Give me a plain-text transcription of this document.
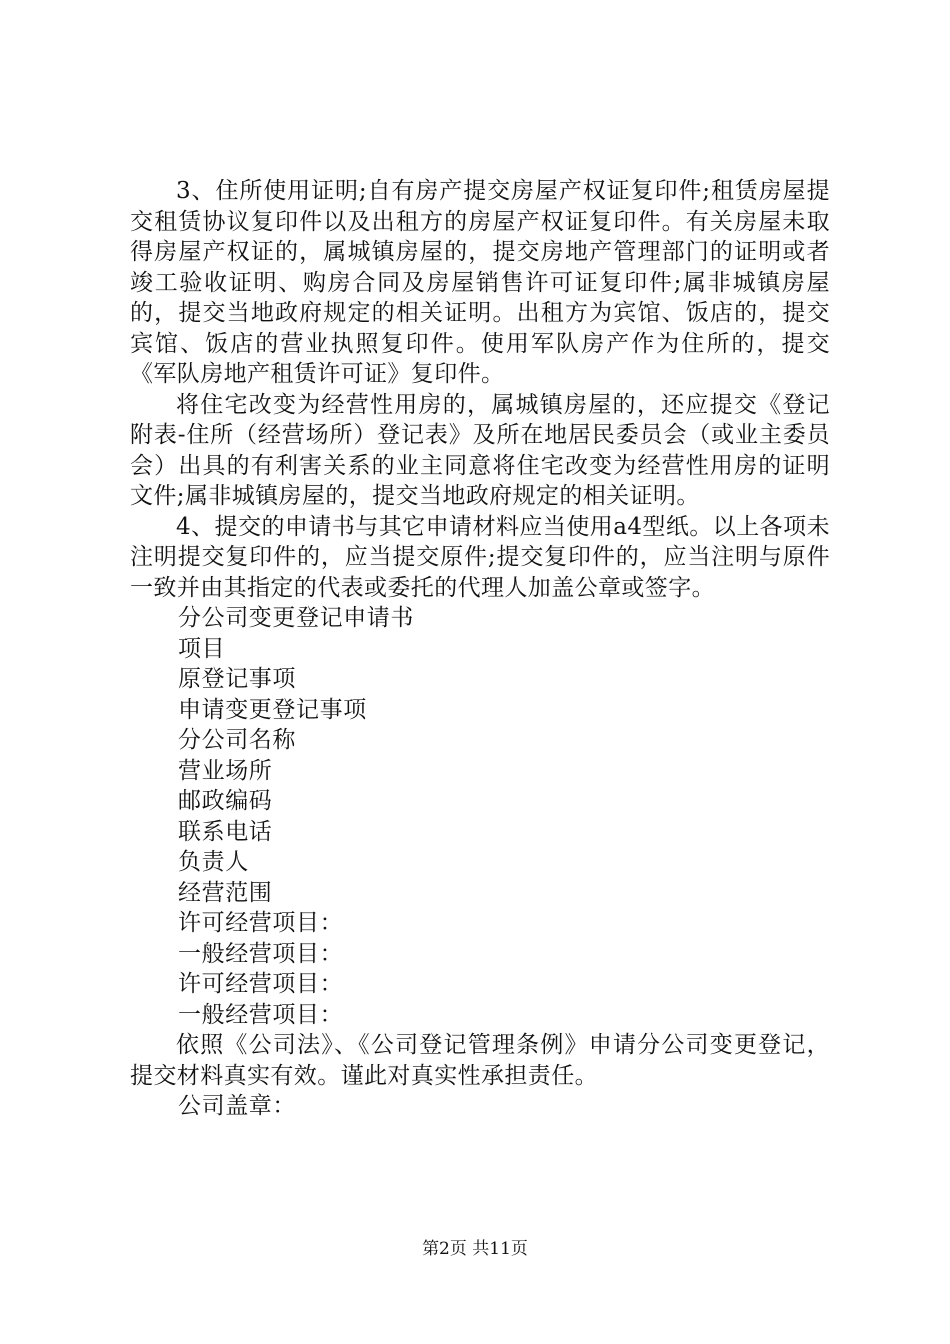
3、住所使用证明;自有房产提交房屋产权证复印件;租赁房屋提交租赁协议复印件以及出租方的房屋产权证复印件。有关房屋未取得房屋产权证的，属城镇房屋的，提交房地产管理部门的证明或者竣工验收证明、购房合同及房屋销售许可证复印件;属非城镇房屋的，提交当地政府规定的相关证明。出租方为宾馆、饭店的，提交宾馆、饭店的营业执照复印件。使用军队房产作为住所的，提交《军队房地产租赁许可证》复印件。

将住宅改变为经营性用房的，属城镇房屋的，还应提交《登记附表-住所（经营场所）登记表》及所在地居民委员会（或业主委员会）出具的有利害关系的业主同意将住宅改变为经营性用房的证明文件;属非城镇房屋的，提交当地政府规定的相关证明。

4、提交的申请书与其它申请材料应当使用a4型纸。以上各项未注明提交复印件的，应当提交原件;提交复印件的，应当注明与原件一致并由其指定的代表或委托的代理人加盖公章或签字。

分公司变更登记申请书

项目

原登记事项

申请变更登记事项

分公司名称

营业场所

邮政编码

联系电话

负责人

经营范围

许可经营项目：

一般经营项目：

许可经营项目：

一般经营项目：

依照《公司法》、《公司登记管理条例》申请分公司变更登记，提交材料真实有效。谨此对真实性承担责任。

公司盖章：

第2页 共11页
